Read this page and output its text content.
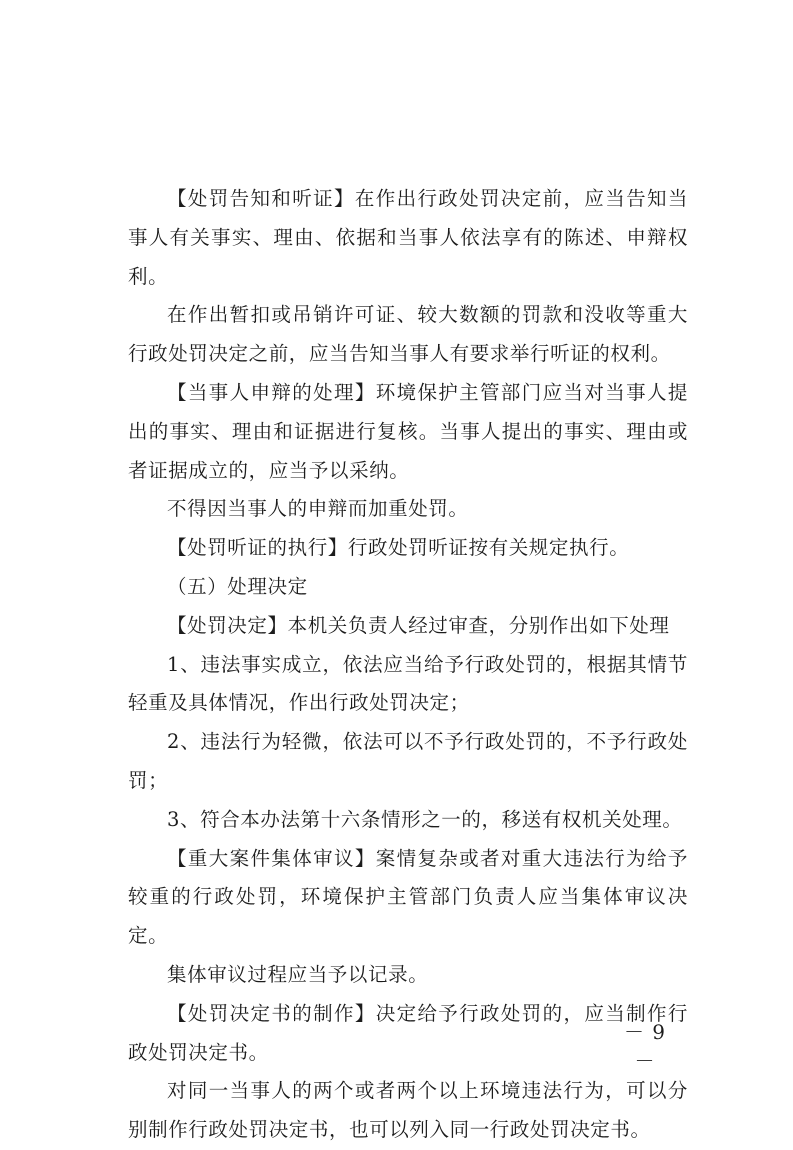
【处罚告知和听证】在作出行政处罚决定前，应当告知当事人有关事实、理由、依据和当事人依法享有的陈述、申辩权利。

在作出暂扣或吊销许可证、较大数额的罚款和没收等重大行政处罚决定之前，应当告知当事人有要求举行听证的权利。

【当事人申辩的处理】环境保护主管部门应当对当事人提出的事实、理由和证据进行复核。当事人提出的事实、理由或者证据成立的，应当予以采纳。

不得因当事人的申辩而加重处罚。

【处罚听证的执行】行政处罚听证按有关规定执行。

（五）处理决定

【处罚决定】本机关负责人经过审查，分别作出如下处理

1、违法事实成立，依法应当给予行政处罚的，根据其情节轻重及具体情况，作出行政处罚决定；

2、违法行为轻微，依法可以不予行政处罚的，不予行政处罚；

3、符合本办法第十六条情形之一的，移送有权机关处理。

【重大案件集体审议】案情复杂或者对重大违法行为给予较重的行政处罚，环境保护主管部门负责人应当集体审议决定。

集体审议过程应当予以记录。

【处罚决定书的制作】决定给予行政处罚的，应当制作行政处罚决定书。

对同一当事人的两个或者两个以上环境违法行为，可以分别制作行政处罚决定书，也可以列入同一行政处罚决定书。

－ 9 －
